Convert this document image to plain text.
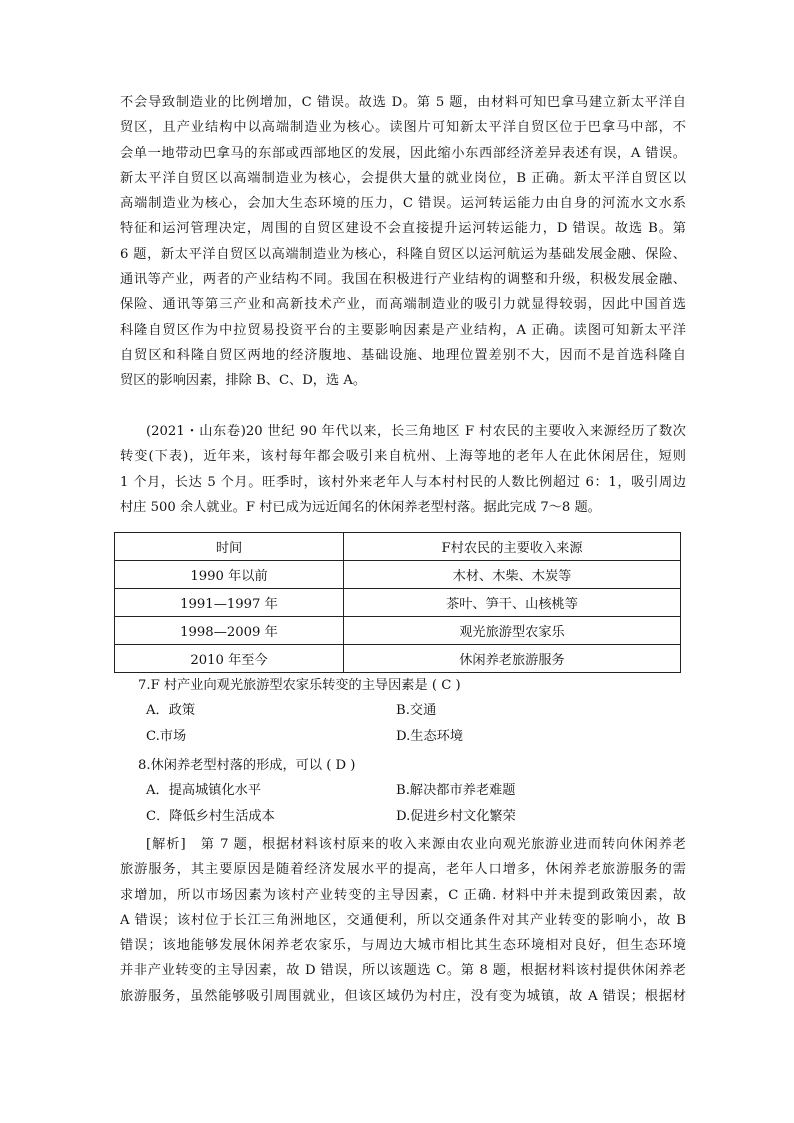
不会导致制造业的比例增加，C 错误。故选 D。第 5 题，由材料可知巴拿马建立新太平洋自
贸区，且产业结构中以高端制造业为核心。读图片可知新太平洋自贸区位于巴拿马中部，不
会单一地带动巴拿马的东部或西部地区的发展，因此缩小东西部经济差异表述有误，A 错误。
新太平洋自贸区以高端制造业为核心，会提供大量的就业岗位，B 正确。新太平洋自贸区以
高端制造业为核心，会加大生态环境的压力，C 错误。运河转运能力由自身的河流水文水系
特征和运河管理决定，周围的自贸区建设不会直接提升运河转运能力，D 错误。故选 B。第
6 题，新太平洋自贸区以高端制造业为核心，科隆自贸区以运河航运为基础发展金融、保险、
通讯等产业，两者的产业结构不同。我国在积极进行产业结构的调整和升级，积极发展金融、
保险、通讯等第三产业和高新技术产业，而高端制造业的吸引力就显得较弱，因此中国首选
科隆自贸区作为中拉贸易投资平台的主要影响因素是产业结构，A 正确。读图可知新太平洋
自贸区和科隆自贸区两地的经济腹地、基础设施、地理位置差别不大，因而不是首选科隆自
贸区的影响因素，排除 B、C、D，选 A。
(2021・山东卷)20 世纪 90 年代以来，长三角地区 F 村农民的主要收入来源经历了数次
转变(下表)，近年来，该村每年都会吸引来自杭州、上海等地的老年人在此休闲居住，短则
1 个月，长达 5 个月。旺季时，该村外来老年人与本村村民的人数比例超过 6：1，吸引周边
村庄 500 余人就业。F 村已成为远近闻名的休闲养老型村落。据此完成 7～8 题。
时间	F村农民的主要收入来源
1990 年以前	木材、木柴、木炭等
1991—1997 年	茶叶、笋干、山核桃等
1998—2009 年	观光旅游型农家乐
2010 年至今	休闲养老旅游服务
7.F 村产业向观光旅游型农家乐转变的主导因素是 ( C )
A．政策	B.交通
C.市场	D.生态环境
8.休闲养老型村落的形成，可以 ( D )
A．提高城镇化水平	B.解决都市养老难题
C．降低乡村生活成本	D.促进乡村文化繁荣
[解析]　第 7 题，根据材料该村原来的收入来源由农业向观光旅游业进而转向休闲养老
旅游服务，其主要原因是随着经济发展水平的提高，老年人口增多，休闲养老旅游服务的需
求增加，所以市场因素为该村产业转变的主导因素，C 正确. 材料中并未提到政策因素，故
A 错误；该村位于长江三角洲地区，交通便利，所以交通条件对其产业转变的影响小，故 B
错误；该地能够发展休闲养老农家乐，与周边大城市相比其生态环境相对良好，但生态环境
并非产业转变的主导因素，故 D 错误，所以该题选 C。第 8 题，根据材料该村提供休闲养老
旅游服务，虽然能够吸引周围就业，但该区域仍为村庄，没有变为城镇，故 A 错误；根据材
